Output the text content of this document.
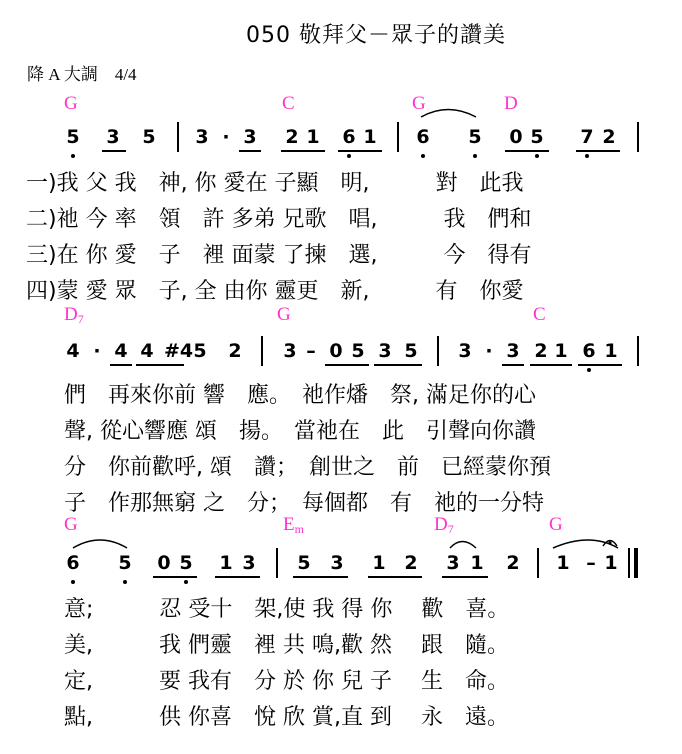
050 敬拜父－眾子的讚美
降 A 大調　4/4
G	C	G	D
5 3 5 3 · 3 2 1 6 1 6 5 0 5 7 2
一)我 父 我　神, 你 愛在 子顯　明,　　　對　此我
二)祂 今 率　領　許 多弟 兄歌　唱,　　　我　們和
三)在 你 愛　子　裡 面蒙 了揀　選,　　　今　得有
四)蒙 愛 眾　子, 全 由你 靈更　新,　　　有　你愛
$D_7$	G	C
4 · 4 4 #4 5 2 3 – 0 5 3 5 3 · 3 2 1 6 1
們　再來你前 響　應。　祂作燔　祭, 滿足你的心
聲, 從心響應 頌　揚。　當祂在　此　引聲向你讚
分　你前歡呼, 頌　讚；　創世之　前　已經蒙你預
子　作那無窮 之　分；　每個都　有　祂的一分特
G	$E_m$	$D_7$	G
6 5 0 5 1 3 5 3 1 2 3 1 2 1 – 1
意;　　　忍 受十　架,使 我 得 你　 歡　喜。
美,　　　我 們靈　裡 共 鳴,歡 然　 跟　隨。
定,　　　要 我有　分 於 你 兒 子　 生　命。
點,　　　供 你喜　悅 欣 賞,直 到　 永　遠。
